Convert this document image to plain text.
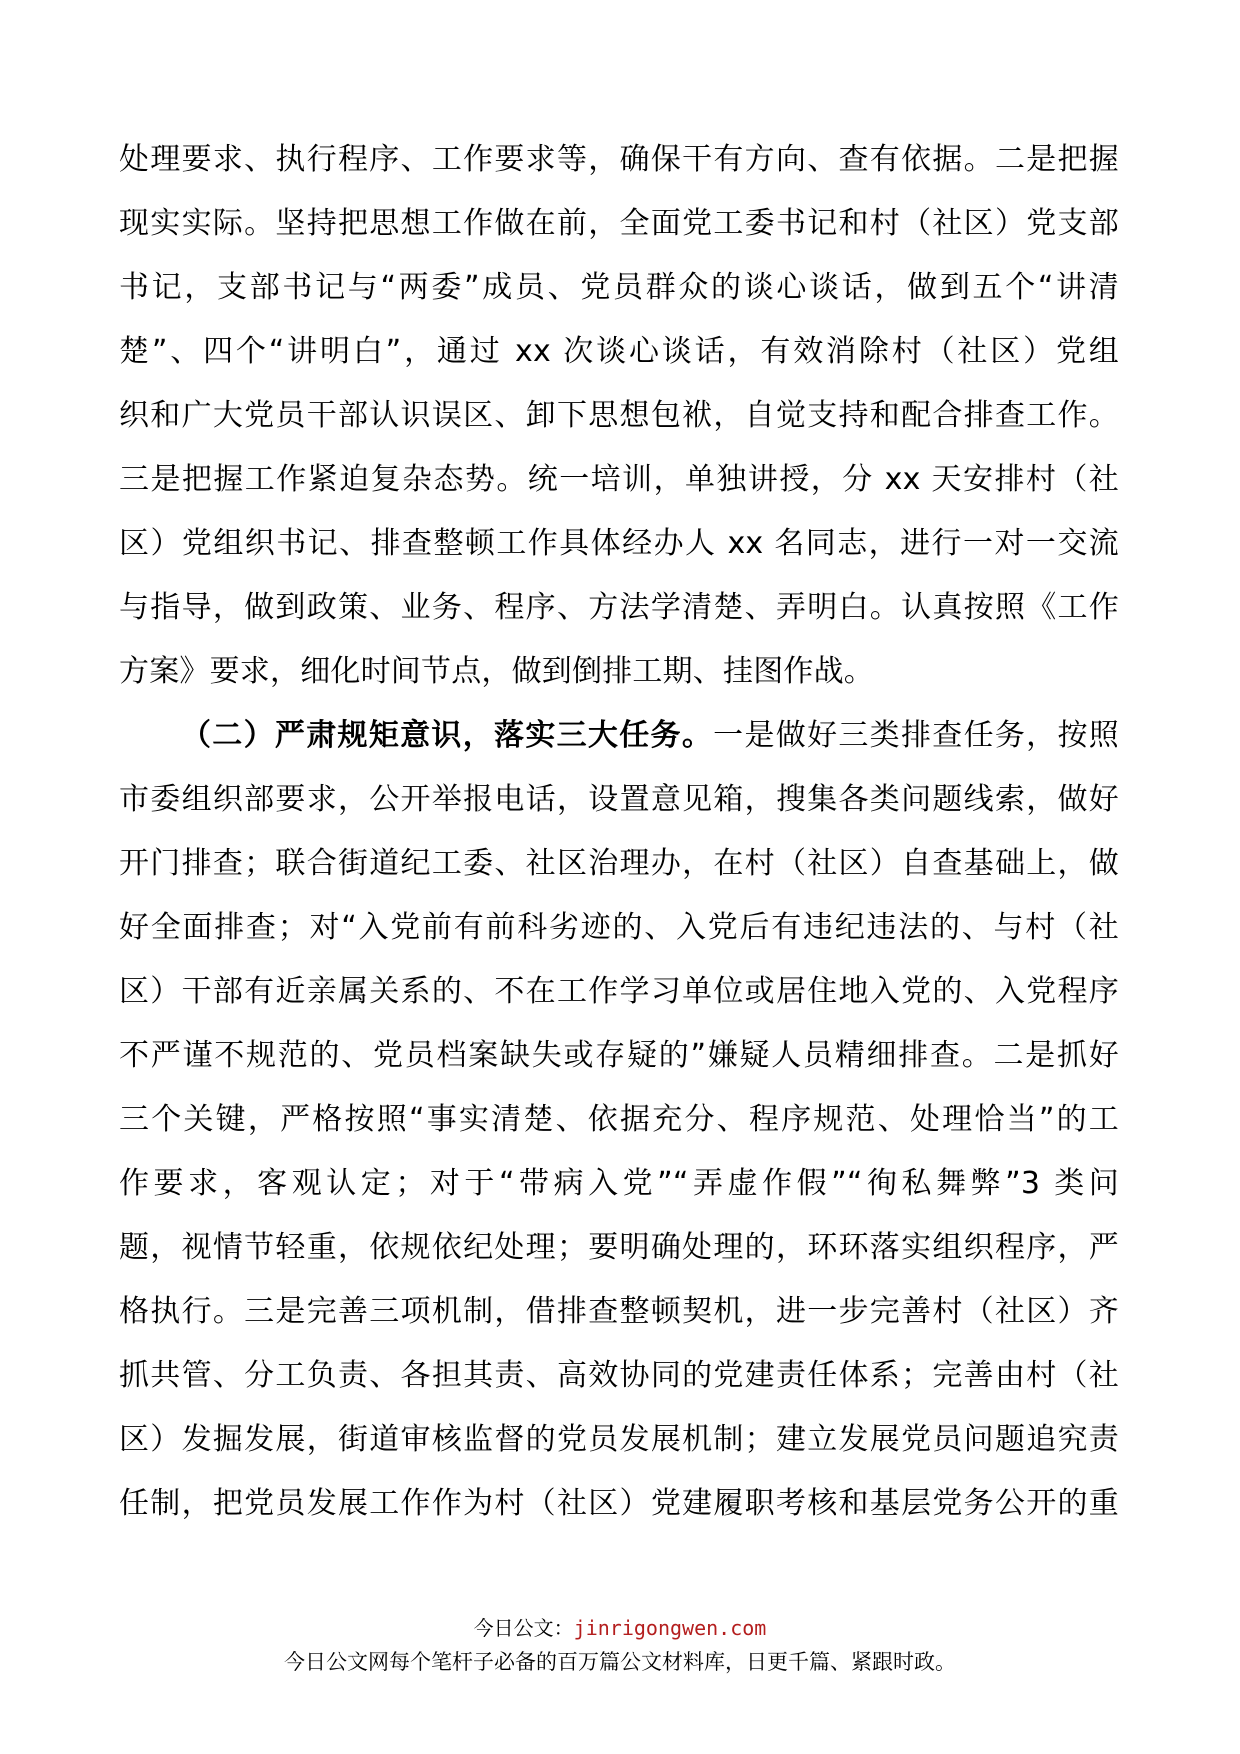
处理要求、执行程序、工作要求等，确保干有方向、查有依据。二是把握
现实实际。坚持把思想工作做在前，全面党工委书记和村（社区）党支部
书记，支部书记与“两委”成员、党员群众的谈心谈话，做到五个“讲清
楚”、四个“讲明白”，通过 xx 次谈心谈话，有效消除村（社区）党组
织和广大党员干部认识误区、卸下思想包袱，自觉支持和配合排查工作。
三是把握工作紧迫复杂态势。统一培训，单独讲授，分 xx 天安排村（社
区）党组织书记、排查整顿工作具体经办人 xx 名同志，进行一对一交流
与指导，做到政策、业务、程序、方法学清楚、弄明白。认真按照《工作
方案》要求，细化时间节点，做到倒排工期、挂图作战。
（二）严肃规矩意识，落实三大任务。一是做好三类排查任务，按照
市委组织部要求，公开举报电话，设置意见箱，搜集各类问题线索，做好
开门排查；联合街道纪工委、社区治理办，在村（社区）自查基础上，做
好全面排查；对“入党前有前科劣迹的、入党后有违纪违法的、与村（社
区）干部有近亲属关系的、不在工作学习单位或居住地入党的、入党程序
不严谨不规范的、党员档案缺失或存疑的”嫌疑人员精细排查。二是抓好
三个关键，严格按照“事实清楚、依据充分、程序规范、处理恰当”的工
作要求，客观认定；对于“带病入党”“弄虚作假”“徇私舞弊”3 类问
题，视情节轻重，依规依纪处理；要明确处理的，环环落实组织程序，严
格执行。三是完善三项机制，借排查整顿契机，进一步完善村（社区）齐
抓共管、分工负责、各担其责、高效协同的党建责任体系；完善由村（社
区）发掘发展，街道审核监督的党员发展机制；建立发展党员问题追究责
任制，把党员发展工作作为村（社区）党建履职考核和基层党务公开的重
今日公文：jinrigongwen.com
今日公文网每个笔杆子必备的百万篇公文材料库，日更千篇、紧跟时政。
